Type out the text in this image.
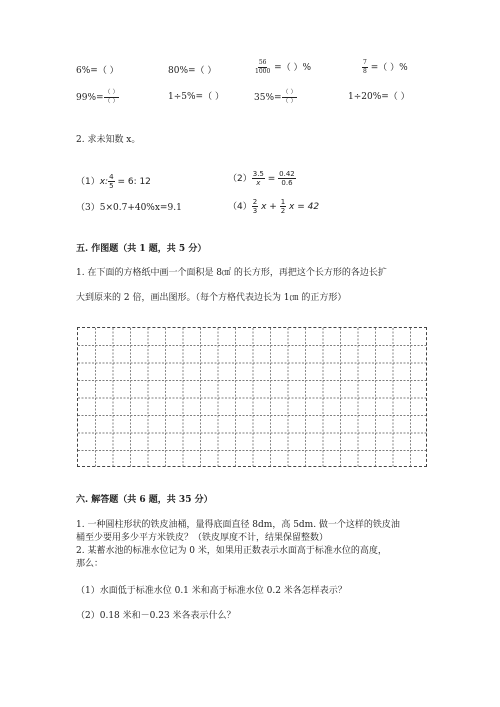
6%=（ ）	80%=（ ）	$\frac{56}{1000}$ =（ ）%	$\frac{7}{8}$ =（ ）%
$99\%= \frac{( )}{( )}$	1÷5%=（ ）	$35\%= \frac{( )}{( )}$	1÷20%=（ ）
2. 求未知数 x。
（1）x: $\frac{4}{5} = 6$: 12	$(2) \frac{3.5}{x} = \frac{0.42}{0.6}$
（3）5×0.7+40%x=9.1	$(4) \frac{2}{3}$ $x + \frac{1}{2}$ x = 42
五. 作图题（共 1 题，共 5 分）
1. 在下面的方格纸中画一个面积是 8㎠ 的长方形，再把这个长方形的各边长扩
大到原来的 2 倍，画出图形。（每个方格代表边长为 1㎝ 的正方形）
六. 解答题（共 6 题，共 35 分）
1. 一种圆柱形状的铁皮油桶，量得底面直径 8dm，高 5dm. 做一个这样的铁皮油
桶至少要用多少平方米铁皮？（铁皮厚度不计，结果保留整数）
2. 某蓄水池的标准水位记为 0 米，如果用正数表示水面高于标准水位的高度，
那么：
（1）水面低于标准水位 0.1 米和高于标准水位 0.2 米各怎样表示？
（2）0.18 米和－0.23 米各表示什么？
